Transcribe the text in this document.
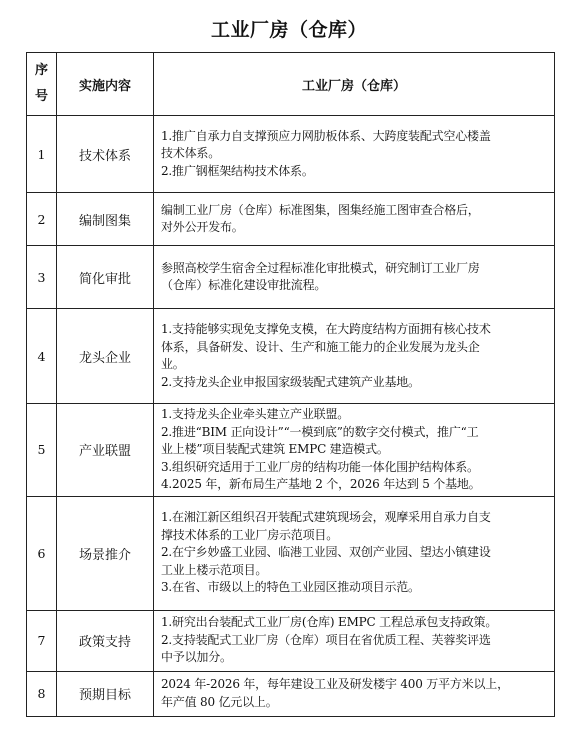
工业厂房（仓库）
序
号	实施内容	工业厂房（仓库）
1	技术体系	1.推广自承力自支撑预应力网肋板体系、大跨度装配式空心楼盖
技术体系。
2.推广钢框架结构技术体系。

2	编制图集	编制工业厂房（仓库）标准图集，图集经施工图审查合格后，
对外公开发布。

3	简化审批	参照高校学生宿舍全过程标准化审批模式，研究制订工业厂房
（仓库）标准化建设审批流程。

4	龙头企业	1.支持能够实现免支撑免支模，在大跨度结构方面拥有核心技术
体系，具备研发、设计、生产和施工能力的企业发展为龙头企
业。
2.支持龙头企业申报国家级装配式建筑产业基地。

5	产业联盟	1.支持龙头企业牵头建立产业联盟。
2.推进“BIM 正向设计”“一模到底”的数字交付模式，推广“工
业上楼”项目装配式建筑 EMPC 建造模式。
3.组织研究适用于工业厂房的结构功能一体化围护结构体系。
4.2025 年，新布局生产基地 2 个，2026 年达到 5 个基地。

6	场景推介	1.在湘江新区组织召开装配式建筑现场会，观摩采用自承力自支
撑技术体系的工业厂房示范项目。
2.在宁乡妙盛工业园、临港工业园、双创产业园、望达小镇建设
工业上楼示范项目。
3.在省、市级以上的特色工业园区推动项目示范。

7	政策支持	1.研究出台装配式工业厂房(仓库) EMPC 工程总承包支持政策。
2.支持装配式工业厂房（仓库）项目在省优质工程、芙蓉奖评选
中予以加分。

8	预期目标	2024 年-2026 年，每年建设工业及研发楼宇 400 万平方米以上，
年产值 80 亿元以上。
